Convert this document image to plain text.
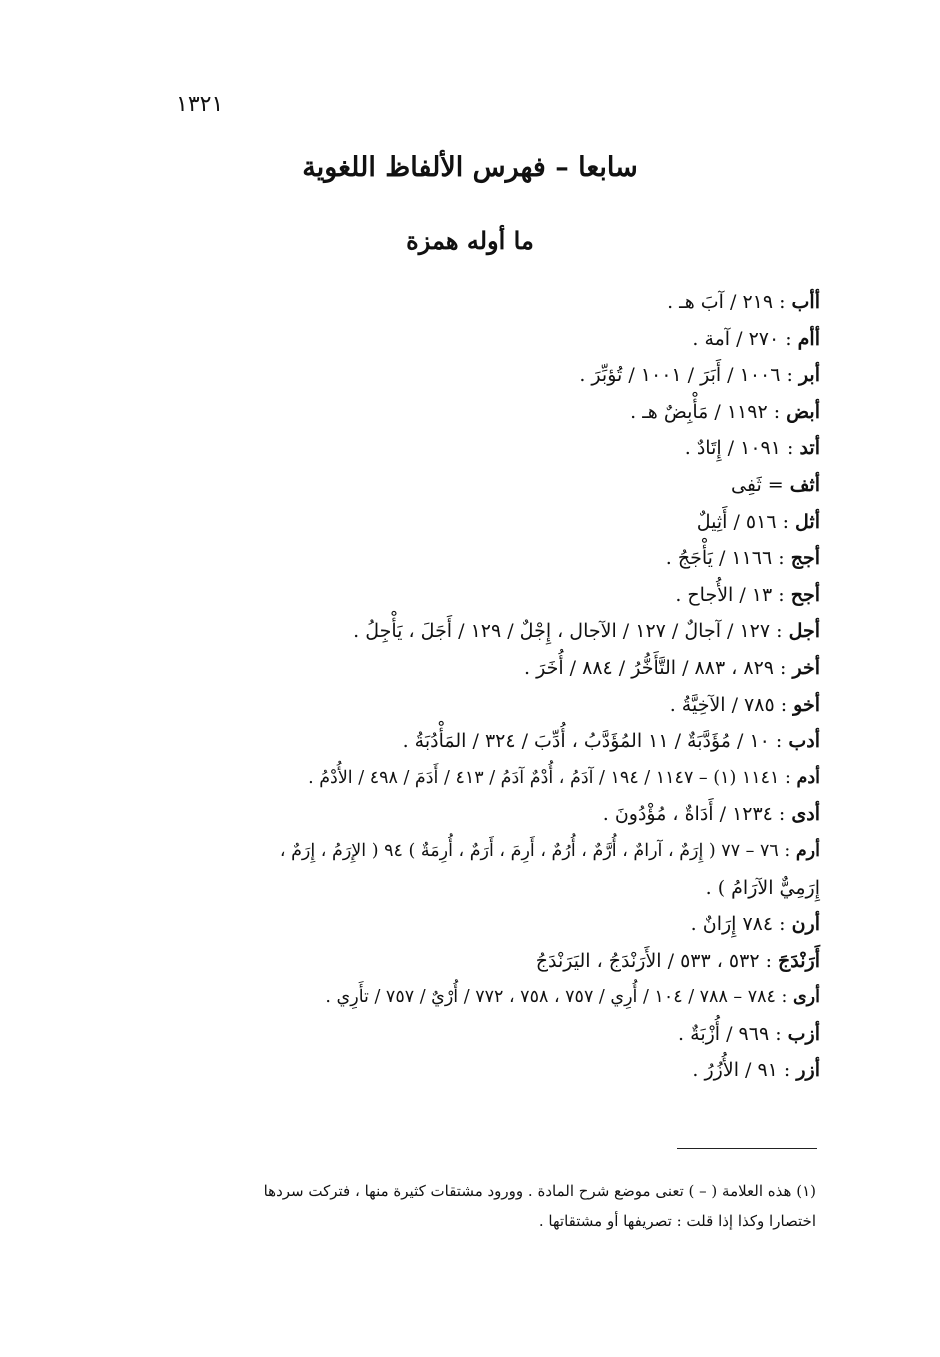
١٣٢١
سابعا – فهرس الألفاظ اللغوية
ما أوله همزة
أأب : ٢١٩ / آبَ هـ .
أأم : ٢٧٠ / آمة .
أبر : ١٠٠٦ / أَبَرَ / ١٠٠١ / تُؤبِّرَ .
أبض : ١١٩٢ / مَأْبِضٌ هـ .
أتد : ١٠٩١ / إِتَادٌ .
أثف = ثَفِى
أثل : ٥١٦ / أَثِيلٌ
أجج : ١١٦٦ / يَأْجَجُ .
أجح : ١٣ / الأُجاح .
أجل : ١٢٧ / آجالٌ / ١٢٧ / الآجال ، إِجْلٌ / ١٢٩ / أَجَلَ ، يَأْجِلُ .
أخر : ٨٢٩ ، ٨٨٣ / التَّأَخُّرُ / ٨٨٤ / أُخَرَ .
أخو : ٧٨٥ / الآخِيَّةُ .
أدب : ١٠ / مُؤَدَّبَةٌ / ١١ المُؤَدَّبُ ، أُدِّبَ / ٣٢٤ / المَأْدُبَةُ .
أدم : ١١٤١ (١) – ١١٤٧ / ١٩٤ / آدَمُ ، أُدْمٌ آدَمُ / ٤١٣ / أَدَمَ / ٤٩٨ / الأُدْمُ .
أدى : ١٢٣٤ / أَدَاةٌ ، مُؤْدُونَ .
أرم : ٧٦ – ٧٧ ( إِرَمٌ ، آرامٌ ، أُرَّمٌ ، أُرُمٌ ، أَرِمَ ، أَرَمٌ ، أُرِمَةٌ ) ٩٤ ( الإِرَمُ ، إِرَمٌ ،
إِرَمِيٌّ الآرَامُ ) .
أرن : ٧٨٤ إِرَانٌ .
أَرَنْدَجَ : ٥٣٢ ، ٥٣٣ / الأَرَنْدَجُ ، اليَرَنْدَجُ
أرى : ٧٨٤ – ٧٨٨ / ١٠٤ / أُرِي / ٧٥٧ ، ٧٥٨ ، ٧٧٢ / أُرْيٌ / ٧٥٧ / تأَرِي .
أزب : ٩٦٩ / أُزْبَةٌ .
أزر : ٩١ / الأُزُرُ .
(١) هذه العلامة ( – ) تعنى موضع شرح المادة . وورود مشتقات كثيرة منها ، فتركت سردها
اختصارا وكذا إذا قلت : تصريفها أو مشتقاتها .
